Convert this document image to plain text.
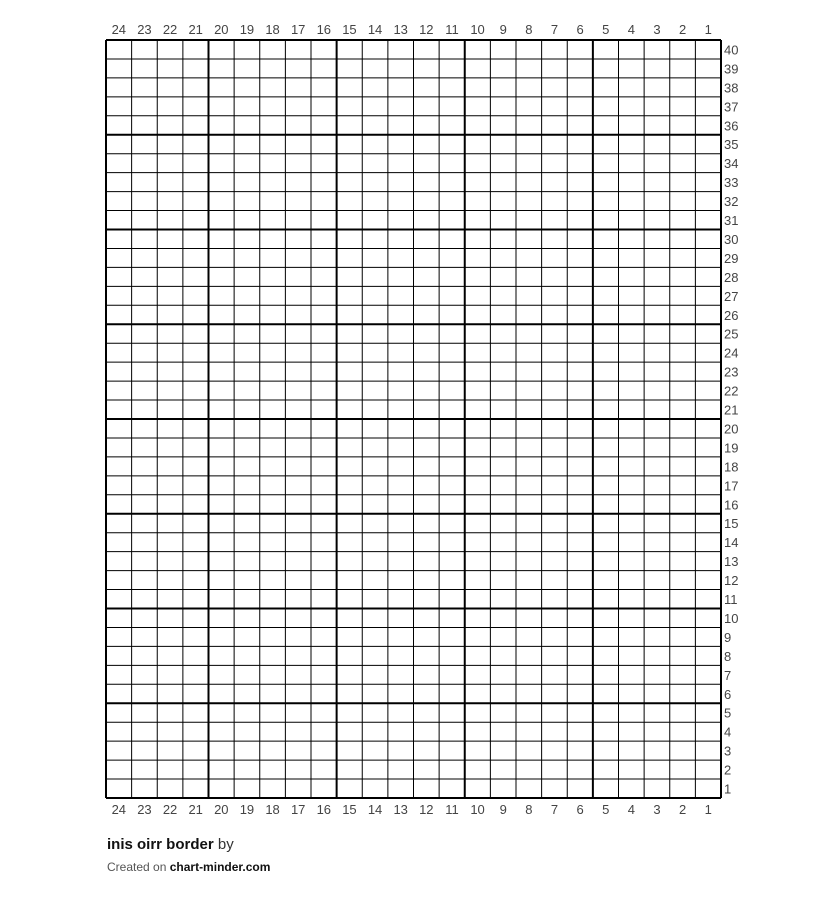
24 23 22 21 20 19 18 17 16 15 14 13 12 11 10 9 8 7 6 5 4 3 2 1
24 23 22 21 20 19 18 17 16 15 14 13 12 11 10 9 8 7 6 5 4 3 2 1
40
39
38
37
36
35
34
33
32
31
30
29
28
27
26
25
24
23
22
21
20
19
18
17
16
15
14
13
12
11
10
9
8
7
6
5
4
3
2
1
inis oirr border by
Created on chart-minder.com
